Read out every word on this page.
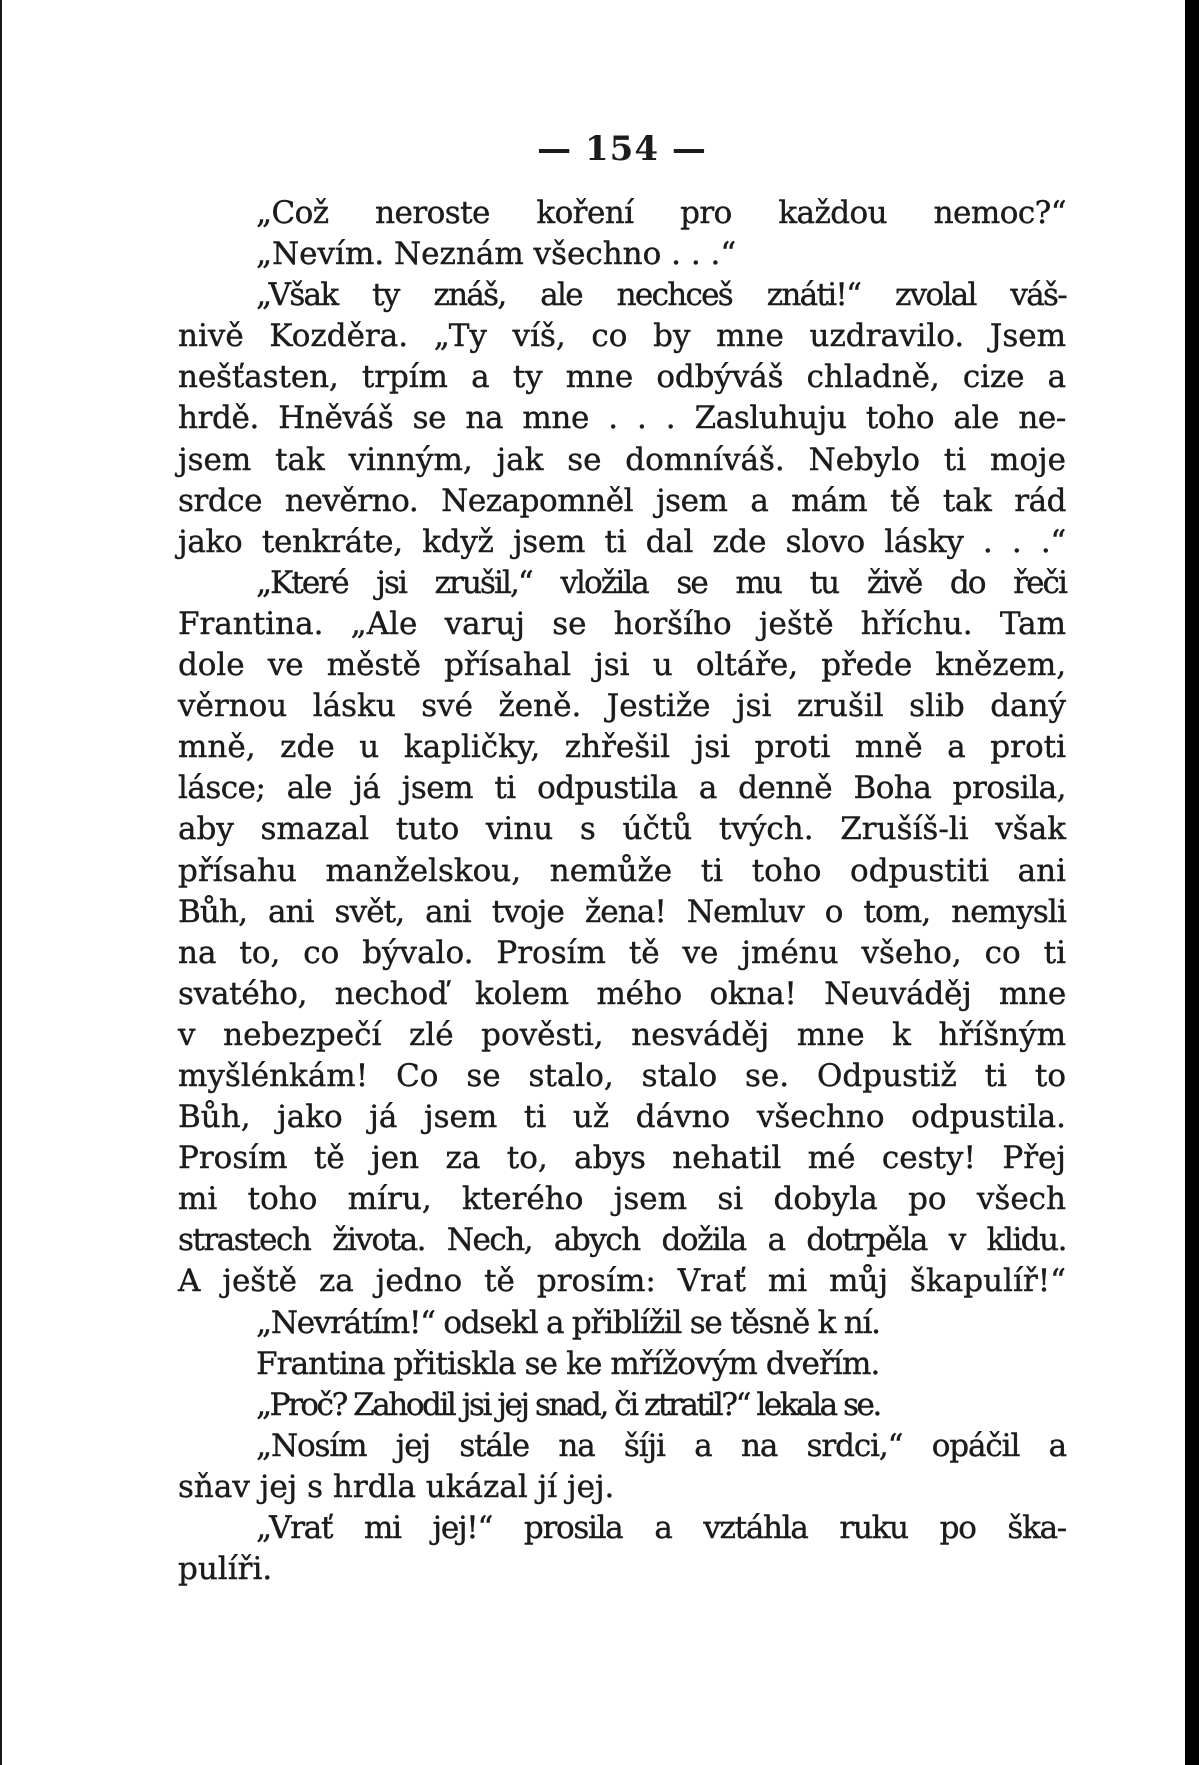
— 154 —
„Což neroste koření pro každou nemoc?“
„Nevím. Neznám všechno . . .“
„Však ty znáš, ale nechceš znáti!“ zvolal váš-
nivě Kozděra. „Ty víš, co by mne uzdravilo. Jsem
nešťasten, trpím a ty mne odbýváš chladně, cize a
hrdě. Hněváš se na mne . . . Zasluhuju toho ale ne-
jsem tak vinným, jak se domníváš. Nebylo ti moje
srdce nevěrno. Nezapomněl jsem a mám tě tak rád
jako tenkráte, když jsem ti dal zde slovo lásky . . .“
„Které jsi zrušil,“ vložila se mu tu živě do řeči
Frantina. „Ale varuj se horšího ještě hříchu. Tam
dole ve městě přísahal jsi u oltáře, přede knězem,
věrnou lásku své ženě. Jestiže jsi zrušil slib daný
mně, zde u kapličky, zhřešil jsi proti mně a proti
lásce; ale já jsem ti odpustila a denně Boha prosila,
aby smazal tuto vinu s účtů tvých. Zrušíš-li však
přísahu manželskou, nemůže ti toho odpustiti ani
Bůh, ani svět, ani tvoje žena! Nemluv o tom, nemysli
na to, co bývalo. Prosím tě ve jménu všeho, co ti
svatého, nechoď kolem mého okna! Neuváděj mne
v nebezpečí zlé pověsti, nesváděj mne k hříšným
myšlénkám! Co se stalo, stalo se. Odpustiž ti to
Bůh, jako já jsem ti už dávno všechno odpustila.
Prosím tě jen za to, abys nehatil mé cesty! Přej
mi toho míru, kterého jsem si dobyla po všech
strastech života. Nech, abych dožila a dotrpěla v klidu.
A ještě za jedno tě prosím: Vrať mi můj škapulíř!“
„Nevrátím!“ odsekl a přiblížil se těsně k ní.
Frantina přitiskla se ke mřížovým dveřím.
„Proč? Zahodil jsi jej snad, či ztratil?“ lekala se.
„Nosím jej stále na šíji a na srdci,“ opáčil a
sňav jej s hrdla ukázal jí jej.
„Vrať mi jej!“ prosila a vztáhla ruku po ška-
pulíři.
